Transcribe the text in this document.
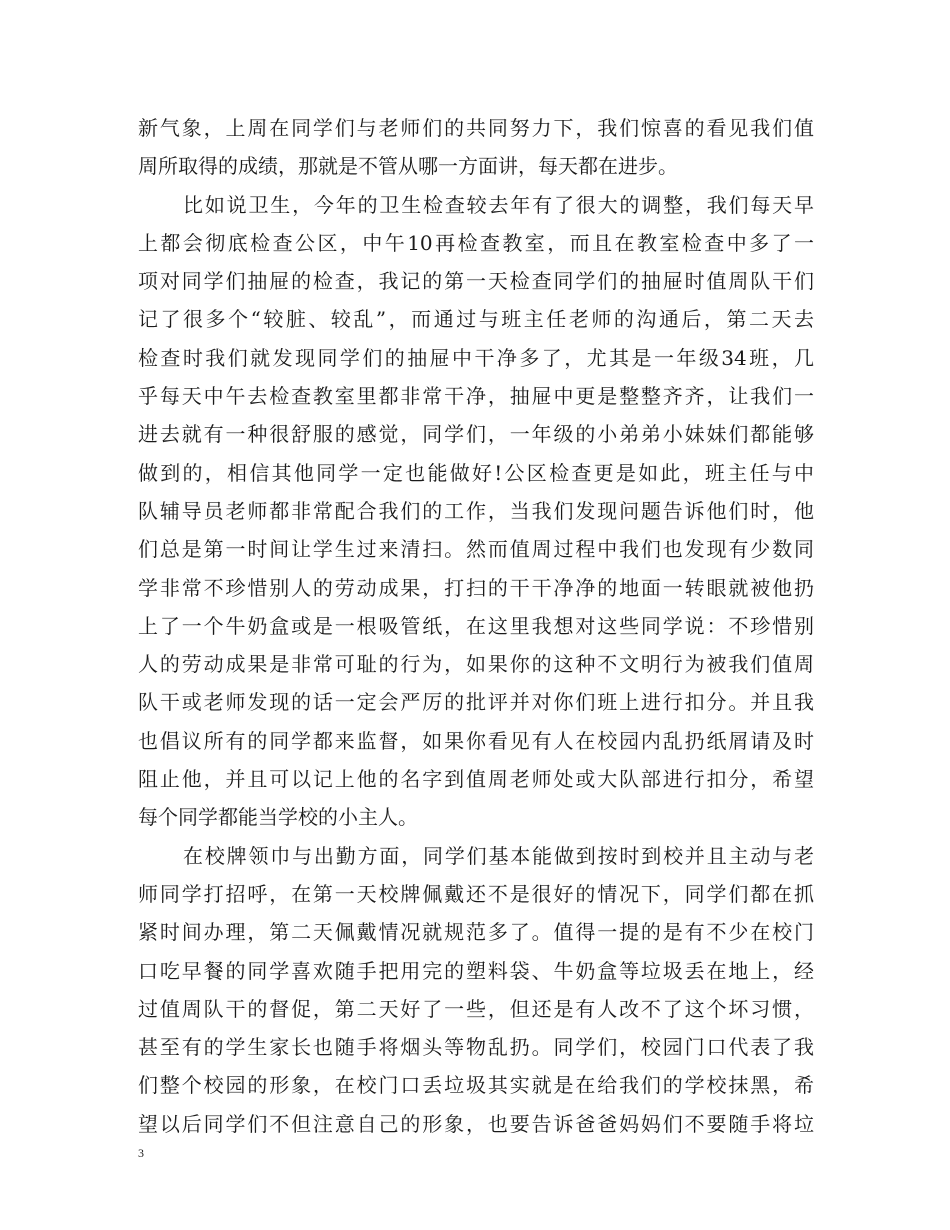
新气象，上周在同学们与老师们的共同努力下，我们惊喜的看见我们值
周所取得的成绩，那就是不管从哪一方面讲，每天都在进步。
比如说卫生，今年的卫生检查较去年有了很大的调整，我们每天早
上都会彻底检查公区，中午10再检查教室，而且在教室检查中多了一
项对同学们抽屉的检查，我记的第一天检查同学们的抽屉时值周队干们
记了很多个“较脏、较乱”，而通过与班主任老师的沟通后，第二天去
检查时我们就发现同学们的抽屉中干净多了，尤其是一年级34班，几
乎每天中午去检查教室里都非常干净，抽屉中更是整整齐齐，让我们一
进去就有一种很舒服的感觉，同学们，一年级的小弟弟小妹妹们都能够
做到的，相信其他同学一定也能做好!公区检查更是如此，班主任与中
队辅导员老师都非常配合我们的工作，当我们发现问题告诉他们时，他
们总是第一时间让学生过来清扫。然而值周过程中我们也发现有少数同
学非常不珍惜别人的劳动成果，打扫的干干净净的地面一转眼就被他扔
上了一个牛奶盒或是一根吸管纸，在这里我想对这些同学说：不珍惜别
人的劳动成果是非常可耻的行为，如果你的这种不文明行为被我们值周
队干或老师发现的话一定会严厉的批评并对你们班上进行扣分。并且我
也倡议所有的同学都来监督，如果你看见有人在校园内乱扔纸屑请及时
阻止他，并且可以记上他的名字到值周老师处或大队部进行扣分，希望
每个同学都能当学校的小主人。
在校牌领巾与出勤方面，同学们基本能做到按时到校并且主动与老
师同学打招呼，在第一天校牌佩戴还不是很好的情况下，同学们都在抓
紧时间办理，第二天佩戴情况就规范多了。值得一提的是有不少在校门
口吃早餐的同学喜欢随手把用完的塑料袋、牛奶盒等垃圾丢在地上，经
过值周队干的督促，第二天好了一些，但还是有人改不了这个坏习惯，
甚至有的学生家长也随手将烟头等物乱扔。同学们，校园门口代表了我
们整个校园的形象，在校门口丢垃圾其实就是在给我们的学校抹黑，希
望以后同学们不但注意自己的形象，也要告诉爸爸妈妈们不要随手将垃
3
